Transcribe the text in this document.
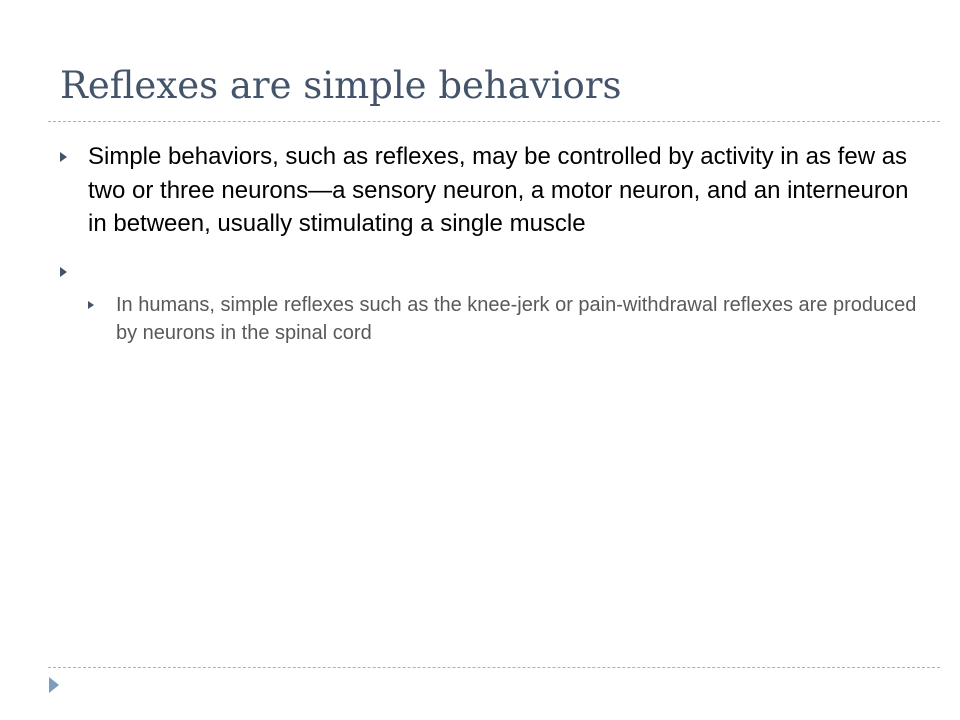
Reflexes are simple behaviors
Simple behaviors, such as reflexes, may be controlled by activity in as few as two or three neurons—a sensory neuron, a motor neuron, and an interneuron in between, usually stimulating a single muscle
In humans, simple reflexes such as the knee-jerk or pain-withdrawal reflexes are produced by neurons in the spinal cord
